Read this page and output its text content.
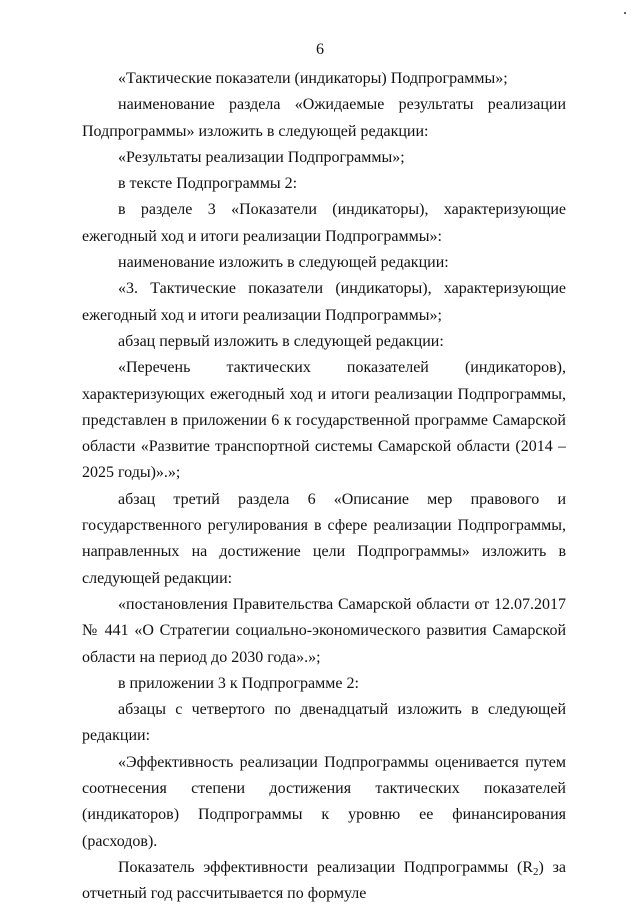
6

«Тактические показатели (индикаторы) Подпрограммы»;

наименование раздела «Ожидаемые результаты реализации Подпрограммы» изложить в следующей редакции:

«Результаты реализации Подпрограммы»;

в тексте Подпрограммы 2:

в разделе 3 «Показатели (индикаторы), характеризующие ежегодный ход и итоги реализации Подпрограммы»:

наименование изложить в следующей редакции:

«3. Тактические показатели (индикаторы), характеризующие ежегодный ход и итоги реализации Подпрограммы»;

абзац первый изложить в следующей редакции:

«Перечень тактических показателей (индикаторов), характеризующих ежегодный ход и итоги реализации Подпрограммы, представлен в приложении 6 к государственной программе Самарской области «Развитие транспортной системы Самарской области (2014 – 2025 годы)».»;

абзац третий раздела 6 «Описание мер правового и государственного регулирования в сфере реализации Подпрограммы, направленных на достижение цели Подпрограммы» изложить в следующей редакции:

«постановления Правительства Самарской области от 12.07.2017 № 441 «О Стратегии социально-экономического развития Самарской области на период до 2030 года».»;

в приложении 3 к Подпрограмме 2:

абзацы с четвертого по двенадцатый изложить в следующей редакции:

«Эффективность реализации Подпрограммы оценивается путем соотнесения степени достижения тактических показателей (индикаторов) Подпрограммы к уровню ее финансирования (расходов).

Показатель эффективности реализации Подпрограммы $(R_2)$ за отчетный год рассчитывается по формуле
